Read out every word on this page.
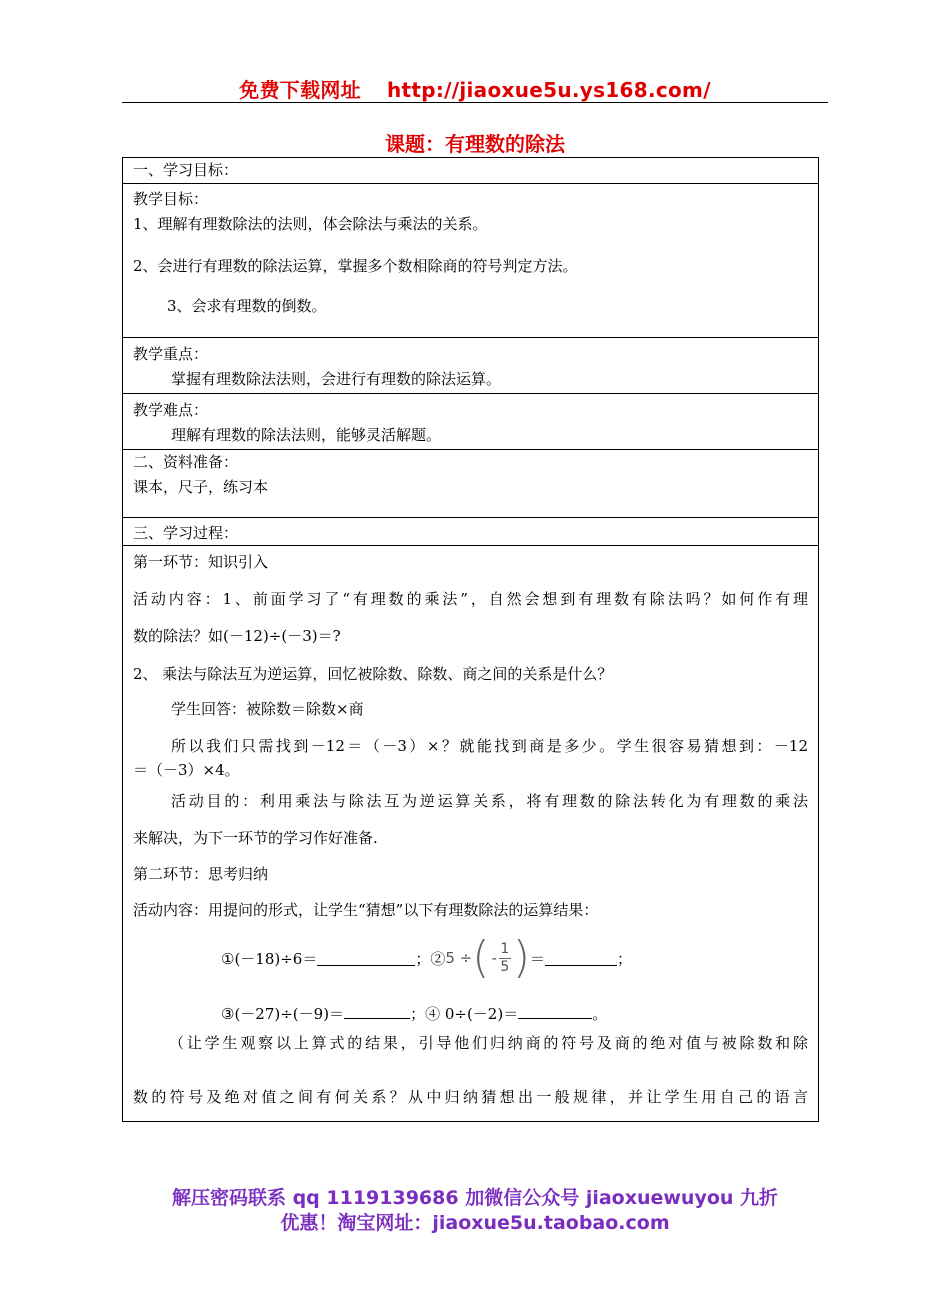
免费下载网址 http://jiaoxue5u.ys168.com/
课题：有理数的除法
一、学习目标：
教学目标：
1、理解有理数除法的法则，体会除法与乘法的关系。
2、会进行有理数的除法运算，掌握多个数相除商的符号判定方法。
3、会求有理数的倒数。
教学重点：
掌握有理数除法法则，会进行有理数的除法运算。
教学难点：
理解有理数的除法法则，能够灵活解题。
二、资料准备：
课本，尺子，练习本
三、学习过程：
第一环节：知识引入
活动内容：1、前面学习了“有理数的乘法”，自然会想到有理数有除法吗？如何作有理
数的除法？如(－12)÷(－3)＝?
2、 乘法与除法互为逆运算，回忆被除数、除数、商之间的关系是什么？
学生回答：被除数＝除数×商
所以我们只需找到－12＝（－3）×？就能找到商是多少。学生很容易猜想到：－12
＝（－3）×4。
活动目的：利用乘法与除法互为逆运算关系，将有理数的除法转化为有理数的乘法
来解决，为下一环节的学习作好准备.
第二环节：思考归纳
活动内容：用提问的形式，让学生“猜想”以下有理数除法的运算结果：
①(－18)÷6＝	；② 5 ÷ ( - $\frac{1}{5}$ ) ＝	；
③(－27)÷(－9)＝	；④ 0÷(－2)＝	。
（让学生观察以上算式的结果，引导他们归纳商的符号及商的绝对值与被除数和除
数的符号及绝对值之间有何关系？从中归纳猜想出一般规律，并让学生用自己的语言
解压密码联系 qq 1119139686 加微信公众号 jiaoxuewuyou 九折
优惠！淘宝网址：jiaoxue5u.taobao.com
